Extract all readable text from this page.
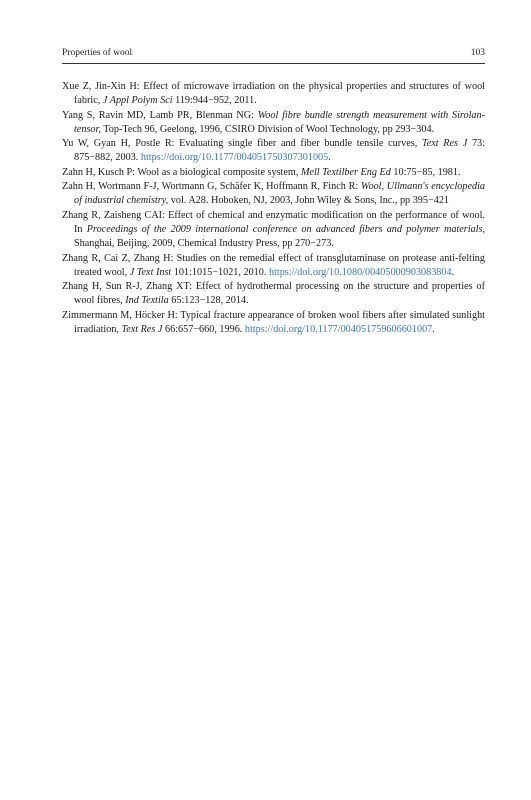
Properties of wool	103

Xue Z, Jin-Xin H: Effect of microwave irradiation on the physical properties and structures of wool fabric, J Appl Polym Sci 119:944−952, 2011.

Yang S, Ravin MD, Lamb PR, Blenman NG: Wool fibre bundle strength measurement with Sirolan-tensor, Top-Tech 96, Geelong, 1996, CSIRO Division of Wool Technology, pp 293−304.

Yu W, Gyan H, Postle R: Evaluating single fiber and fiber bundle tensile curves, Text Res J 73: 875−882, 2003. https://doi.org/10.1177/004051750307301005.

Zahn H, Kusch P: Wool as a biological composite system, Mell Textilber Eng Ed 10:75−85, 1981.

Zahn H, Wortmann F-J, Wortmann G, Schäfer K, Hoffmann R, Finch R: Wool, Ullmann's encyclopedia of industrial chemistry, vol. A28. Hoboken, NJ, 2003, John Wiley & Sons, Inc., pp 395−421

Zhang R, Zaisheng CAI: Effect of chemical and enzymatic modification on the performance of wool. In Proceedings of the 2009 international conference on advanced fibers and polymer materials, Shanghai, Beijing, 2009, Chemical Industry Press, pp 270−273.

Zhang R, Cai Z, Zhang H: Studies on the remedial effect of transglutaminase on protease anti-felting treated wool, J Text Inst 101:1015−1021, 2010. https://doi.org/10.1080/00405000903083804.

Zhang H, Sun R-J, Zhang XT: Effect of hydrothermal processing on the structure and properties of wool fibres, Ind Textila 65:123−128, 2014.

Zimmermann M, Höcker H: Typical fracture appearance of broken wool fibers after simulated sunlight irradiation, Text Res J 66:657−660, 1996. https://doi.org/10.1177/004051759606601007.
